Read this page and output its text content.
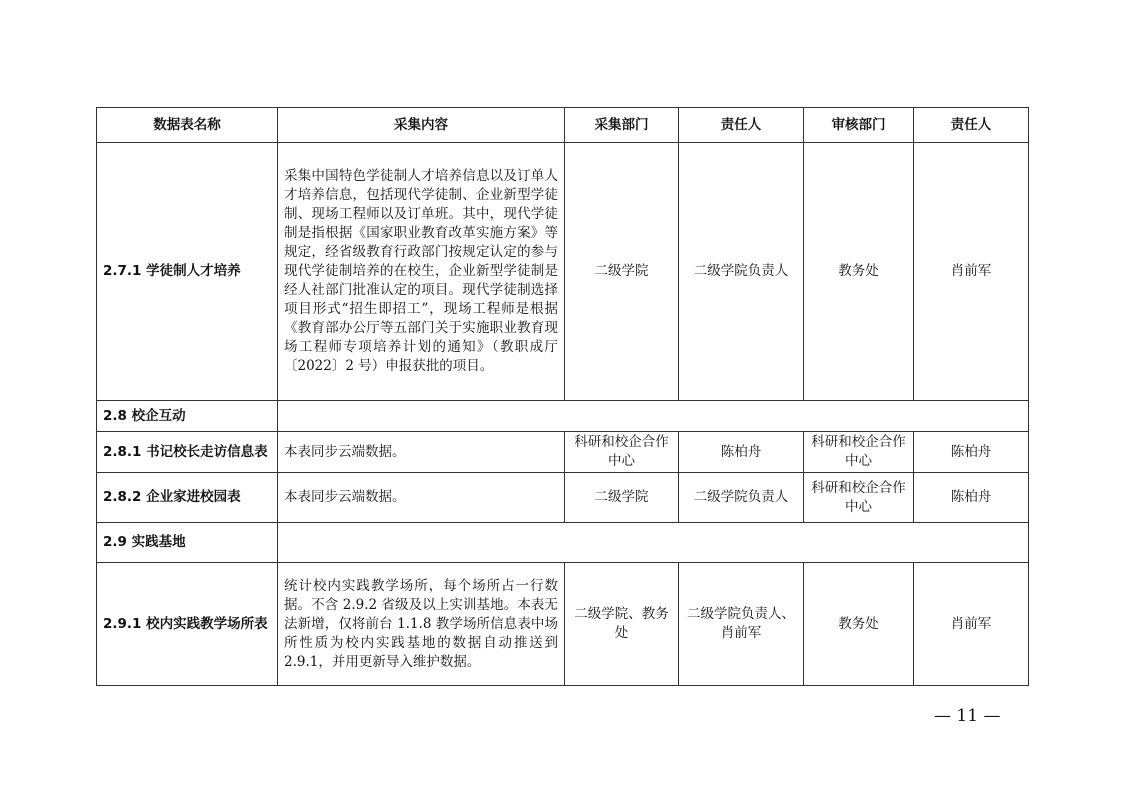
数据表名称	采集内容	采集部门	责任人	审核部门	责任人
2.7.1 学徒制人才培养	采集中国特色学徒制人才培养信息以及订单人才培养信息，包括现代学徒制、企业新型学徒制、现场工程师以及订单班。其中，现代学徒制是指根据《国家职业教育改革实施方案》等规定，经省级教育行政部门按规定认定的参与现代学徒制培养的在校生，企业新型学徒制是经人社部门批准认定的项目。现代学徒制选择项目形式“招生即招工”，现场工程师是根据《教育部办公厅等五部门关于实施职业教育现场工程师专项培养计划的通知》（教职成厅〔2022〕2 号）申报获批的项目。	二级学院	二级学院负责人	教务处	肖前军
2.8 校企互动					
2.8.1 书记校长走访信息表	本表同步云端数据。	科研和校企合作中心	陈柏舟	科研和校企合作中心	陈柏舟
2.8.2 企业家进校园表	本表同步云端数据。	二级学院	二级学院负责人	科研和校企合作中心	陈柏舟
2.9 实践基地					
2.9.1 校内实践教学场所表	统计校内实践教学场所，每个场所占一行数据。不含 2.9.2 省级及以上实训基地。本表无法新增，仅将前台 1.1.8 教学场所信息表中场所性质为校内实践基地的数据自动推送到 2.9.1，并用更新导入维护数据。	二级学院、教务处	二级学院负责人、肖前军	教务处	肖前军
— 11 —
